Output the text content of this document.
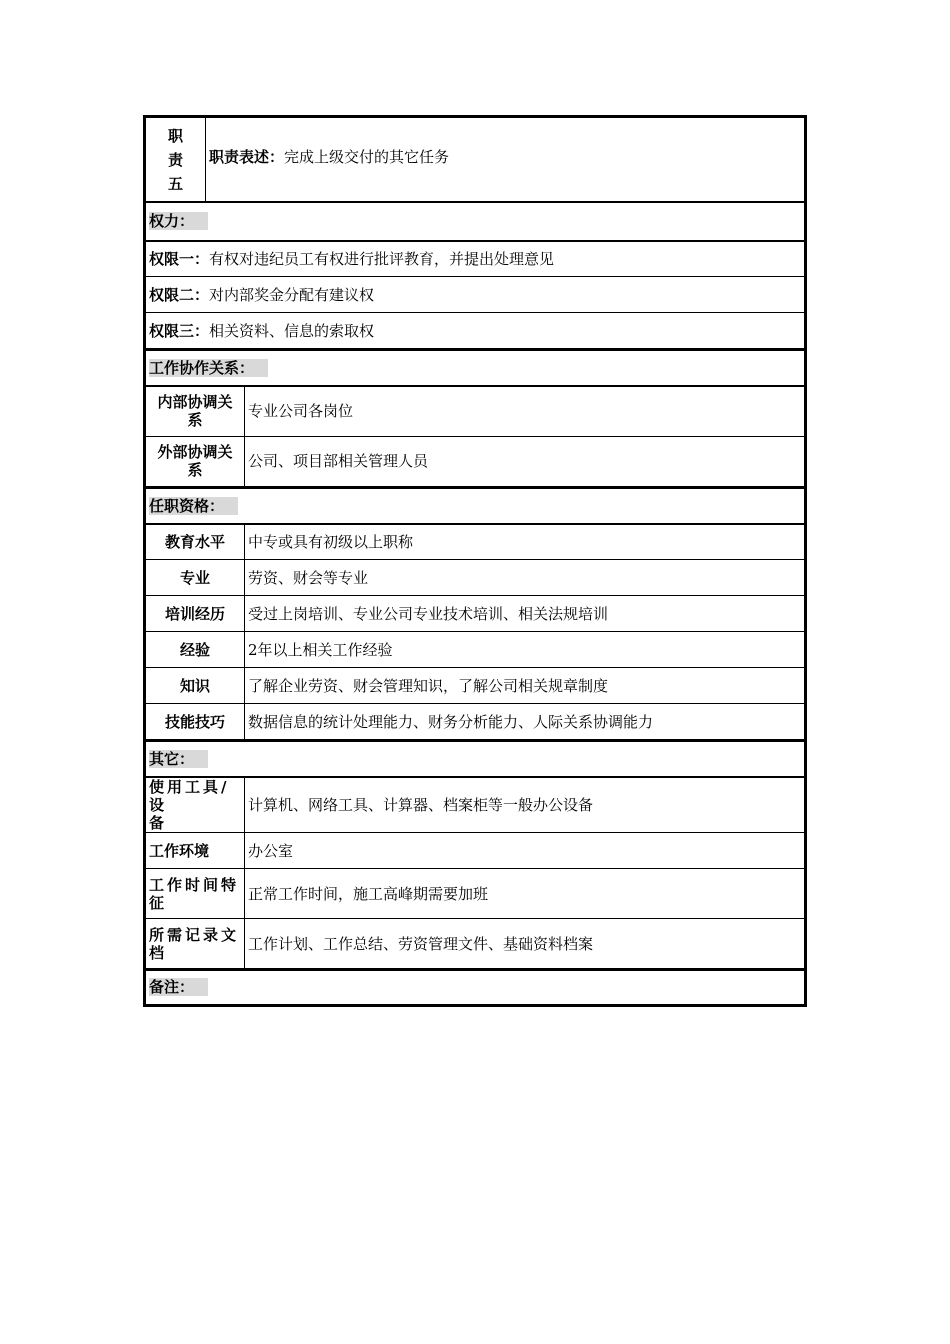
职
责
五
	职责表述：完成上级交付的其它任务
权力：
权限一：有权对违纪员工有权进行批评教育，并提出处理意见
权限二：对内部奖金分配有建议权
权限三：相关资料、信息的索取权
工作协作关系：	

内部协调关
系	专业公司各岗位

外部协调关
系	公司、项目部相关管理人员
任职资格：	
教育水平	中专或具有初级以上职称
专业	劳资、财会等专业
培训经历	受过上岗培训、专业公司专业技术培训、相关法规培训
经验	2年以上相关工作经验
知识	了解企业劳资、财会管理知识，了解公司相关规章制度
技能技巧	数据信息的统计处理能力、财务分析能力、人际关系协调能力
其它：	

使用工具/设
备	计算机、网络工具、计算器、档案柜等一般办公设备

工作环境	办公室

工作时间特
征	正常工作时间，施工高峰期需要加班

所需记录文
档	工作计划、工作总结、劳资管理文件、基础资料档案
备注：
